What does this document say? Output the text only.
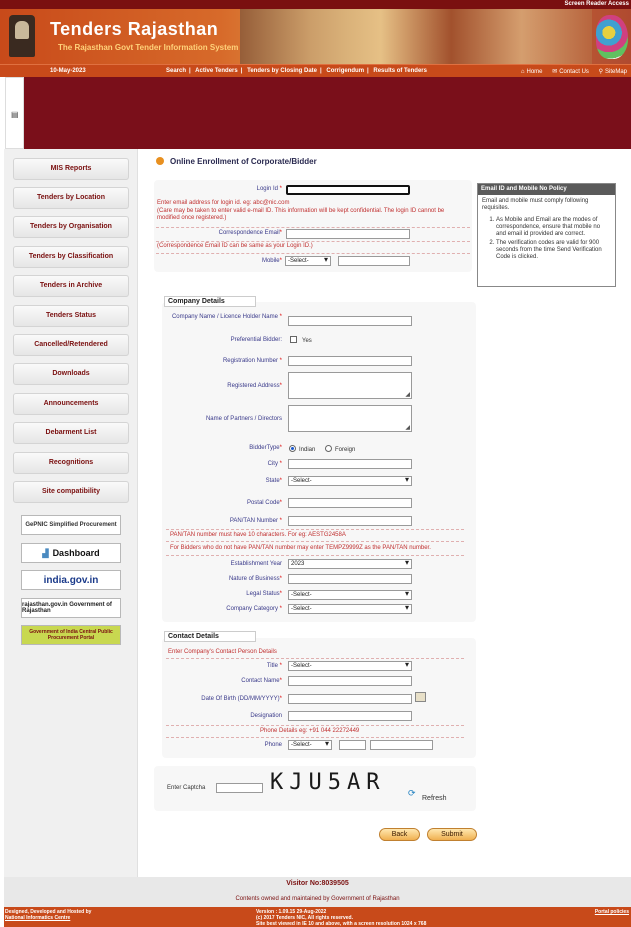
Screen Reader Access
Tenders Rajasthan
The Rajasthan Govt Tender Information System
10-May-2023	Search | Active Tenders | Tenders by Closing Date | Corrigendum | Results of Tenders	⌂ Home ✉ Contact Us ⚲ SiteMap
▤
MIS Reports
Tenders by Location
Tenders by Organisation
Tenders by Classification
Tenders in Archive
Tenders Status
Cancelled/Retendered
Downloads
Announcements
Debarment List
Recognitions
Site compatibility
GePNIC Simplified Procurement
▟ Dashboard
india.gov.in
rajasthan.gov.in Government of Rajasthan
Government of India Central Public Procurement Portal
Online Enrollment of Corporate/Bidder
Login Id *
Enter email address for login id. eg: abc@nic.com
(Care may be taken to enter valid e-mail ID. This information will be kept confidential. The login ID cannot be modified once registered.)
Correspondence Email*
(Correspondence Email ID can be same as your Login ID.)
Mobile*	-Select- ▾
Email ID and Mobile No Policy
Email and mobile must comply following requisites.
1. As Mobile and Email are the modes of correspondence, ensure that mobile no and email id provided are correct.
2. The verification codes are valid for 900 seconds from the time Send Verification Code is clicked.
Company Details
Company Name / Licence Holder Name *
Preferential Bidder:	Yes
Registration Number *
Registered Address*
◢
Name of Partners / Directors
◢
BidderType*	Indian	Foreign
City *
State*	-Select- ▾
Postal Code*
PAN/TAN Number *
PAN/TAN number must have 10 characters. For eg: AESTG2458A
For Bidders who do not have PAN/TAN number may enter TEMPZ9999Z as the PAN/TAN number.
Establishment Year	2023 ▾
Nature of Business*
Legal Status*	-Select- ▾
Company Category *	-Select- ▾
Contact Details
Enter Company's Contact Person Details
Title *	-Select- ▾
Contact Name*
Date Of Birth (DD/MM/YYYY)*
Designation
Phone Details eg: +91 044 22272449
Phone	-Select- ▾
Enter Captcha	KJU5AR	⟳
Refresh
Back	Submit
Visitor No:8039505
Contents owned and maintained by Government of Rajasthan
Designed, Developed and Hosted by
National Informatics Centre
Version : 1.09.15 29-Aug-2022
(c) 2017 Tenders NIC, All rights reserved.
Site best viewed in IE 10 and above, with a screen resolution 1024 x 768
Portal policies
